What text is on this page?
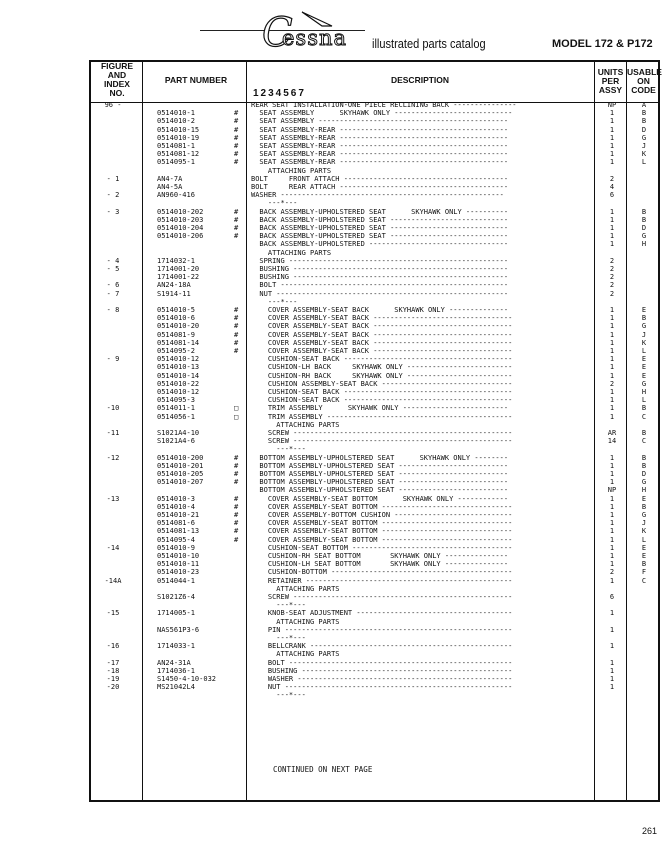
C
essna illustrated parts catalog	MODEL 172 & P172
FIGURE
AND
INDEX
NO.
PART NUMBER	DESCRIPTION
1234567
UNITS
PER
ASSY
USABLE
ON
CODE
96 -	REAR SEAT INSTALLATION-ONE PIECE RECLINING BACK ---------------	NP	A
0514010-1	# SEAT ASSEMBLY      SKYHAWK ONLY ----------------------------	1	B
0514010-2	# SEAT ASSEMBLY ---------------------------------------------	1	B
0514010-15	# SEAT ASSEMBLY-REAR ----------------------------------------	1	D
0514010-19	# SEAT ASSEMBLY-REAR ----------------------------------------	1	G
0514081-1	# SEAT ASSEMBLY-REAR ----------------------------------------	1	J
0514081-12	# SEAT ASSEMBLY-REAR ----------------------------------------	1	K
0514095-1	# SEAT ASSEMBLY-REAR ----------------------------------------	1	L
ATTACHING PARTS
- 1	AN4-7A	BOLT     FRONT ATTACH ---------------------------------------	2
AN4-5A	BOLT     REAR ATTACH ----------------------------------------	4
- 2	AN960-416	WASHER -----------------------------------------------------	6
---*---
- 3	0514010-202	# BACK ASSEMBLY-UPHOLSTERED SEAT      SKYHAWK ONLY ----------	1	B
0514010-203	# BACK ASSEMBLY-UPHOLSTERED SEAT ----------------------------	1	B
0514010-204	# BACK ASSEMBLY-UPHOLSTERED SEAT ----------------------------	1	D
0514010-206	# BACK ASSEMBLY-UPHOLSTERED SEAT ----------------------------	1	G
BACK ASSEMBLY-UPHOLSTERED ---------------------------------	1	H
ATTACHING PARTS
- 4	1714032-1	SPRING ----------------------------------------------------	2
- 5	1714001-20	BUSHING ---------------------------------------------------	2
1714001-22	BUSHING ---------------------------------------------------	2
- 6	AN24-18A	BOLT ------------------------------------------------------	2
- 7	S1914-11	NUT -------------------------------------------------------	2
---*---
- 8	0514010-5	# COVER ASSEMBLY-SEAT BACK      SKYHAWK ONLY --------------	1	E
0514010-6	# COVER ASSEMBLY-SEAT BACK ---------------------------------	1	B
0514010-20	# COVER ASSEMBLY-SEAT BACK ---------------------------------	1	G
0514081-9	# COVER ASSEMBLY-SEAT BACK ---------------------------------	1	J
0514081-14	# COVER ASSEMBLY-SEAT BACK ---------------------------------	1	K
0514095-2	# COVER ASSEMBLY-SEAT BACK ---------------------------------	1	L
- 9	0514010-12	CUSHION-SEAT BACK ----------------------------------------	1	E
0514010-13	CUSHION-LH BACK     SKYHAWK ONLY -------------------------	1	E
0514010-14	CUSHION-RH BACK     SKYHAWK ONLY -------------------------	1	E
0514010-22	CUSHION ASSEMBLY-SEAT BACK -------------------------------	2	G
0514010-12	CUSHION-SEAT BACK ----------------------------------------	1	H
0514095-3	CUSHION-SEAT BACK ----------------------------------------	1	L
-10	0514011-1	□ TRIM ASSEMBLY      SKYHAWK ONLY -------------------------	1	B
0514056-1	□ TRIM ASSEMBLY --------------------------------------------	1	C
ATTACHING PARTS
-11	S1021A4-10	SCREW ----------------------------------------------------	AR	B
S1021A4-6	SCREW ----------------------------------------------------	14	C
---*---
-12	0514010-200	# BOTTOM ASSEMBLY-UPHOLSTERED SEAT      SKYHAWK ONLY --------	1	B
0514010-201	# BOTTOM ASSEMBLY-UPHOLSTERED SEAT --------------------------	1	B
0514010-205	# BOTTOM ASSEMBLY-UPHOLSTERED SEAT --------------------------	1	D
0514010-207	# BOTTOM ASSEMBLY-UPHOLSTERED SEAT --------------------------	1	G
BOTTOM ASSEMBLY-UPHOLSTERED SEAT --------------------------	NP	H
-13	0514010-3	# COVER ASSEMBLY-SEAT BOTTOM      SKYHAWK ONLY ------------	1	E
0514010-4	# COVER ASSEMBLY-SEAT BOTTOM -------------------------------	1	B
0514010-21	# COVER ASSEMBLY-BOTTOM CUSHION ----------------------------	1	G
0514081-6	# COVER ASSEMBLY-SEAT BOTTOM -------------------------------	1	J
0514081-13	# COVER ASSEMBLY-SEAT BOTTOM -------------------------------	1	K
0514095-4	# COVER ASSEMBLY-SEAT BOTTOM -------------------------------	1	L
-14	0514010-9	CUSHION-SEAT BOTTOM --------------------------------------	1	E
0514010-10	CUSHION-RH SEAT BOTTOM       SKYHAWK ONLY ---------------	1	E
0514010-11	CUSHION-LH SEAT BOTTOM       SKYHAWK ONLY ---------------	1	B
0514010-23	CUSHION-BOTTOM -------------------------------------------	2	F
-14A	0514044-1	RETAINER -------------------------------------------------	1	C
ATTACHING PARTS
S1021Z6-4	SCREW ----------------------------------------------------	6
---*---
-15	1714005-1	KNOB-SEAT ADJUSTMENT -------------------------------------	1
ATTACHING PARTS
NAS561P3-6	PIN ------------------------------------------------------	1
---*---
-16	1714033-1	BELLCRANK ------------------------------------------------	1
ATTACHING PARTS
-17	AN24-31A	BOLT -----------------------------------------------------	1
-18	1714036-1	BUSHING --------------------------------------------------	1
-19	S1450-4-10-032	WASHER ---------------------------------------------------	1
-20	MS21042L4	NUT ------------------------------------------------------	1
---*---
CONTINUED ON NEXT PAGE
261
